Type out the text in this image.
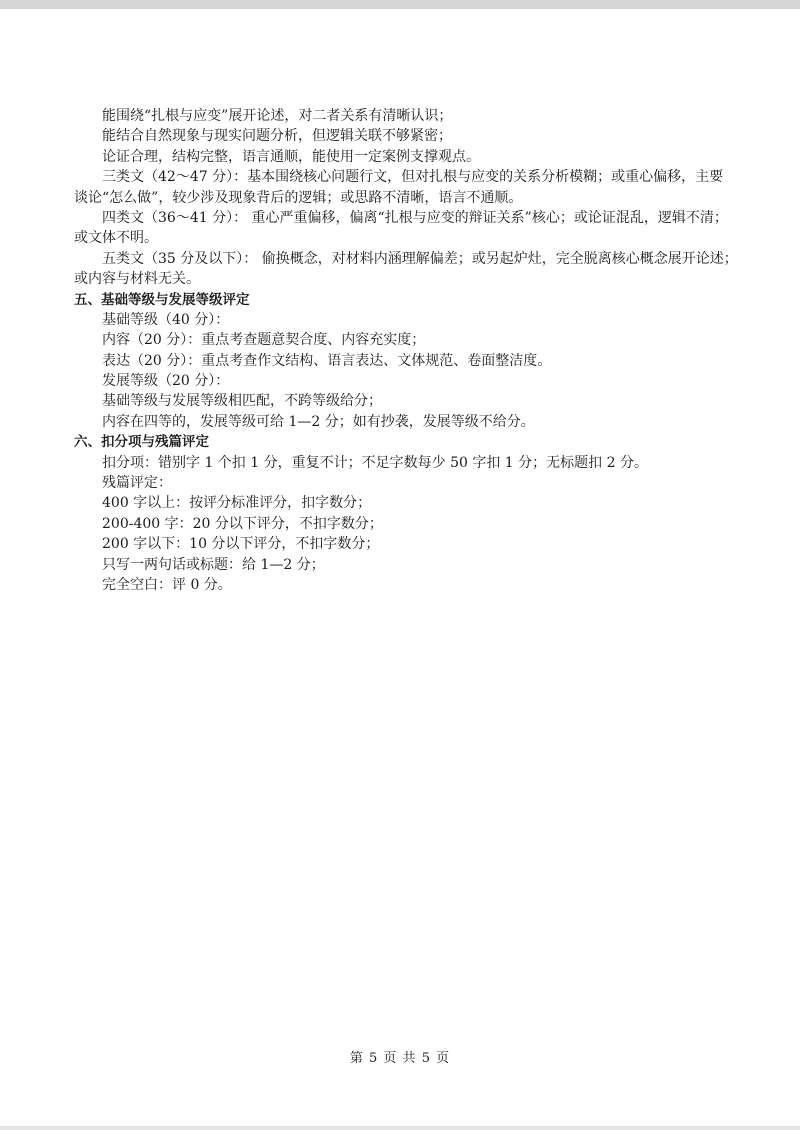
能围绕“扎根与应变”展开论述，对二者关系有清晰认识；
能结合自然现象与现实问题分析，但逻辑关联不够紧密；
论证合理，结构完整，语言通顺，能使用一定案例支撑观点。
三类文（42～47 分）：基本围绕核心问题行文，但对扎根与应变的关系分析模糊；或重心偏移，主要
谈论“怎么做”，较少涉及现象背后的逻辑；或思路不清晰，语言不通顺。
四类文（36～41 分）： 重心严重偏移，偏离“扎根与应变的辩证关系”核心；或论证混乱，逻辑不清；
或文体不明。
五类文（35 分及以下）： 偷换概念，对材料内涵理解偏差；或另起炉灶，完全脱离核心概念展开论述；
或内容与材料无关。
五、基础等级与发展等级评定
基础等级（40 分）：
内容（20 分）：重点考查题意契合度、内容充实度；
表达（20 分）：重点考查作文结构、语言表达、文体规范、卷面整洁度。
发展等级（20 分）：
基础等级与发展等级相匹配，不跨等级给分；
内容在四等的，发展等级可给 1—2 分；如有抄袭，发展等级不给分。
六、扣分项与残篇评定
扣分项：错别字 1 个扣 1 分，重复不计；不足字数每少 50 字扣 1 分；无标题扣 2 分。
残篇评定：
400 字以上：按评分标准评分，扣字数分；
200-400 字：20 分以下评分，不扣字数分；
200 字以下：10 分以下评分，不扣字数分；
只写一两句话或标题：给 1—2 分；
完全空白：评 0 分。
第 5 页 共 5 页
